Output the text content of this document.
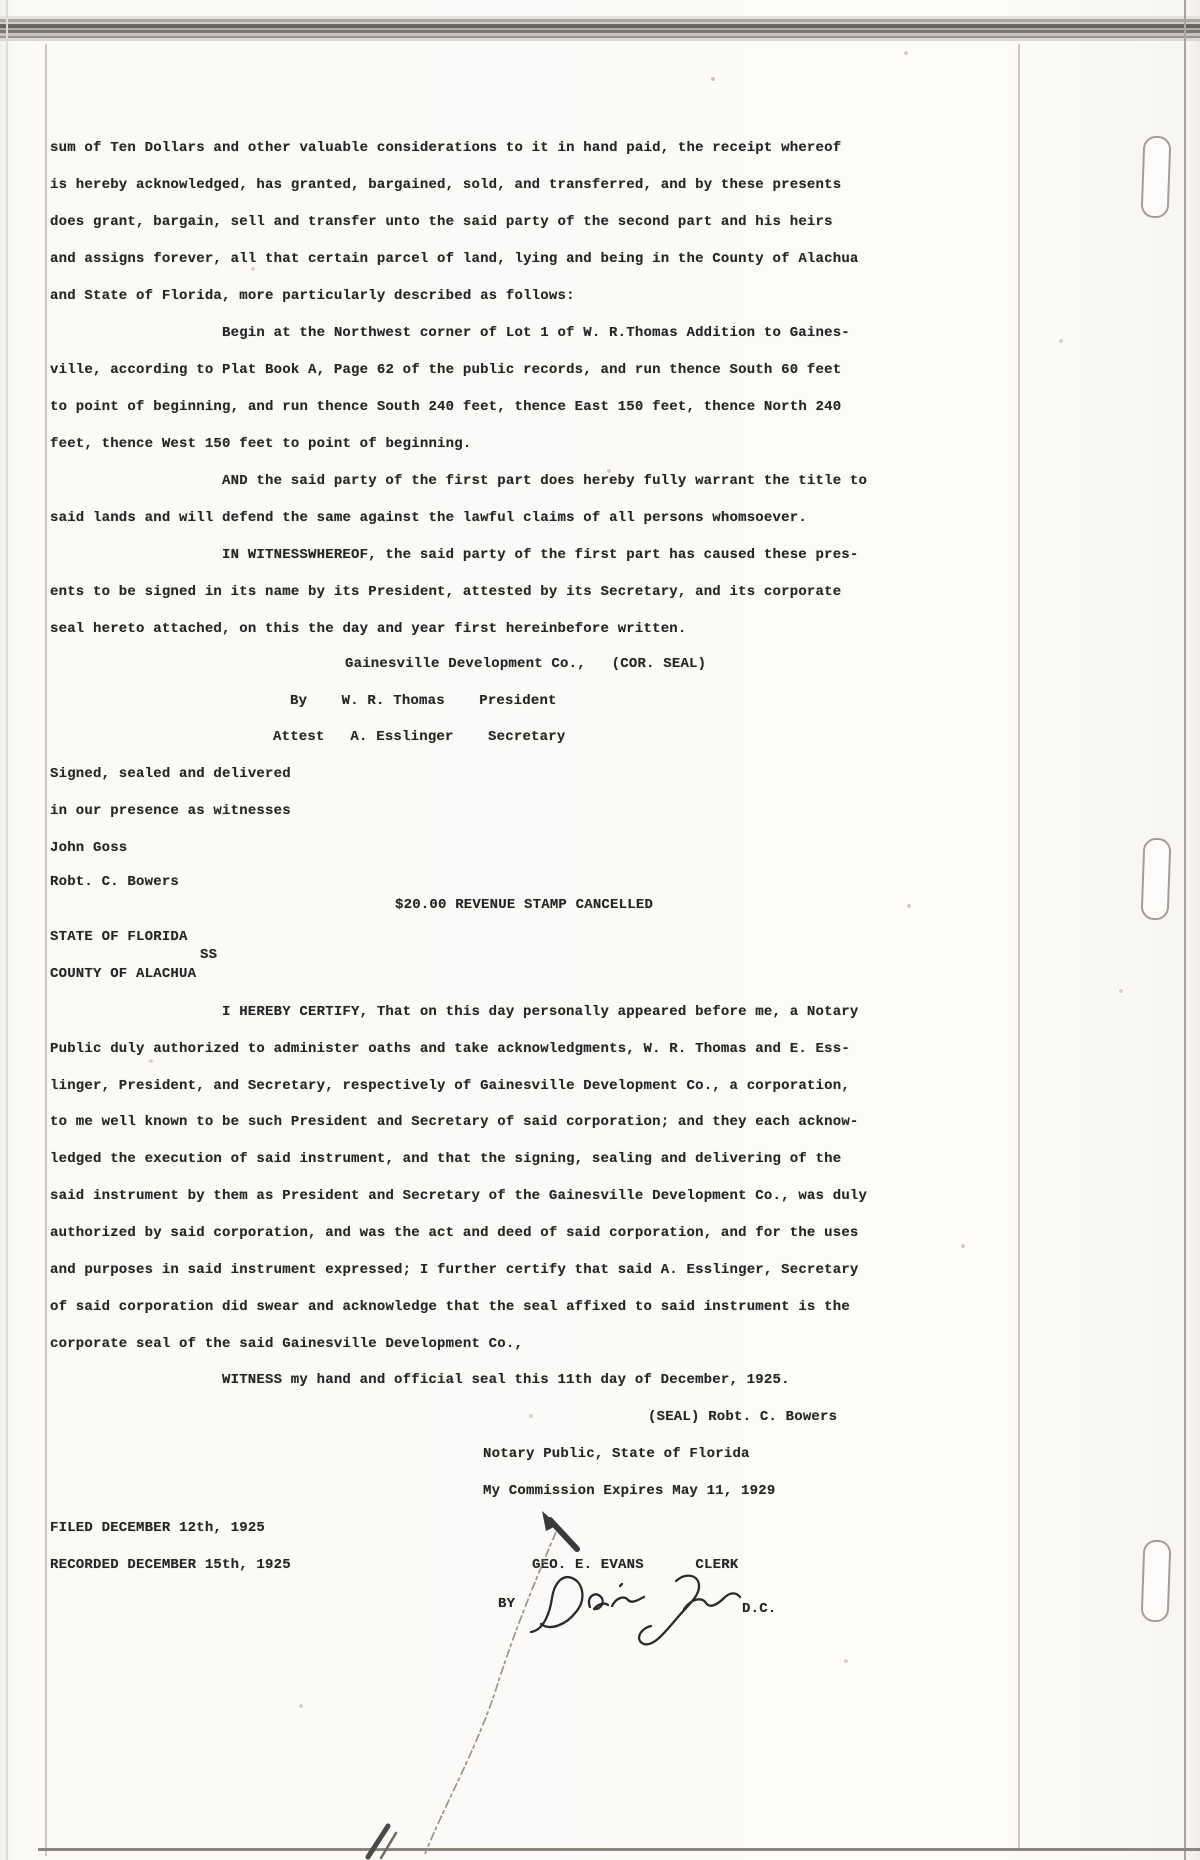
sum of Ten Dollars and other valuable considerations to it in hand paid, the receipt whereof
is hereby acknowledged, has granted, bargained, sold, and transferred, and by these presents
does grant, bargain, sell and transfer unto the said party of the second part and his heirs
and assigns forever, all that certain parcel of land, lying and being in the County of Alachua
and State of Florida, more particularly described as follows:
Begin at the Northwest corner of Lot 1 of W. R.Thomas Addition to Gaines-
ville, according to Plat Book A, Page 62 of the public records, and run thence South 60 feet
to point of beginning, and run thence South 240 feet, thence East 150 feet, thence North 240
feet, thence West 150 feet to point of beginning.
AND the said party of the first part does hereby fully warrant the title to
said lands and will defend the same against the lawful claims of all persons whomsoever.
IN WITNESSWHEREOF, the said party of the first part has caused these pres-
ents to be signed in its name by its President, attested by its Secretary, and its corporate
seal hereto attached, on this the day and year first hereinbefore written.
Gainesville Development Co.,   (COR. SEAL)
By    W. R. Thomas    President
Attest   A. Esslinger    Secretary
Signed, sealed and delivered
in our presence as witnesses
John Goss
Robt. C. Bowers
$20.00 REVENUE STAMP CANCELLED
STATE OF FLORIDA
SS
COUNTY OF ALACHUA
I HEREBY CERTIFY, That on this day personally appeared before me, a Notary
Public duly authorized to administer oaths and take acknowledgments, W. R. Thomas and E. Ess-
linger, President, and Secretary, respectively of Gainesville Development Co., a corporation,
to me well known to be such President and Secretary of said corporation; and they each acknow-
ledged the execution of said instrument, and that the signing, sealing and delivering of the
said instrument by them as President and Secretary of the Gainesville Development Co., was duly
authorized by said corporation, and was the act and deed of said corporation, and for the uses
and purposes in said instrument expressed; I further certify that said A. Esslinger, Secretary
of said corporation did swear and acknowledge that the seal affixed to said instrument is the
corporate seal of the said Gainesville Development Co.,
WITNESS my hand and official seal this 11th day of December, 1925.
(SEAL) Robt. C. Bowers
Notary Public, State of Florida
My Commission Expires May 11, 1929
FILED DECEMBER 12th, 1925
RECORDED DECEMBER 15th, 1925	GEO. E. EVANS      CLERK
BY	D.C.
